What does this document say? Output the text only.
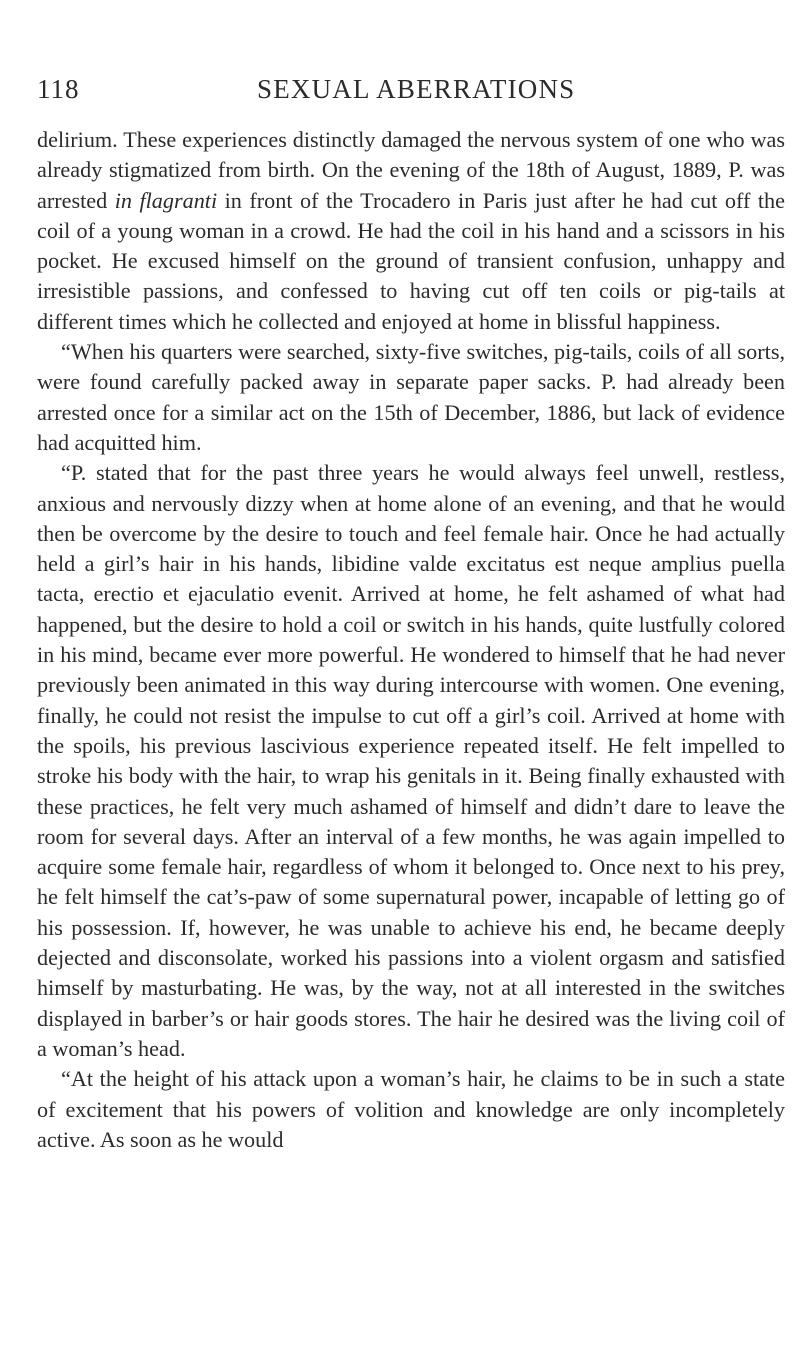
118	SEXUAL ABERRATIONS

delirium. These experiences distinctly damaged the nervous system of one who was already stigmatized from birth. On the evening of the 18th of August, 1889, P. was arrested in flagranti in front of the Trocadero in Paris just after he had cut off the coil of a young woman in a crowd. He had the coil in his hand and a scissors in his pocket. He excused himself on the ground of transient confusion, unhappy and irresistible passions, and confessed to having cut off ten coils or pig-tails at different times which he collected and enjoyed at home in blissful happiness.

“When his quarters were searched, sixty-five switches, pig-tails, coils of all sorts, were found carefully packed away in separate paper sacks. P. had already been arrested once for a similar act on the 15th of December, 1886, but lack of evidence had acquitted him.

“P. stated that for the past three years he would always feel unwell, restless, anxious and nervously dizzy when at home alone of an evening, and that he would then be overcome by the desire to touch and feel female hair. Once he had actually held a girl’s hair in his hands, libidine valde excitatus est neque amplius puella tacta, erectio et ejaculatio evenit. Arrived at home, he felt ashamed of what had happened, but the desire to hold a coil or switch in his hands, quite lustfully colored in his mind, became ever more powerful. He wondered to himself that he had never previously been animated in this way during intercourse with women. One evening, finally, he could not resist the impulse to cut off a girl’s coil. Arrived at home with the spoils, his previous lascivious experience repeated itself. He felt impelled to stroke his body with the hair, to wrap his genitals in it. Being finally exhausted with these practices, he felt very much ashamed of himself and didn’t dare to leave the room for several days. After an interval of a few months, he was again impelled to acquire some female hair, regardless of whom it belonged to. Once next to his prey, he felt himself the cat’s-paw of some supernatural power, incapable of letting go of his possession. If, however, he was unable to achieve his end, he became deeply dejected and disconsolate, worked his passions into a violent orgasm and satisfied himself by masturbating. He was, by the way, not at all interested in the switches displayed in barber’s or hair goods stores. The hair he desired was the living coil of a woman’s head.

“At the height of his attack upon a woman’s hair, he claims to be in such a state of excitement that his powers of volition and knowledge are only incompletely active. As soon as he would
